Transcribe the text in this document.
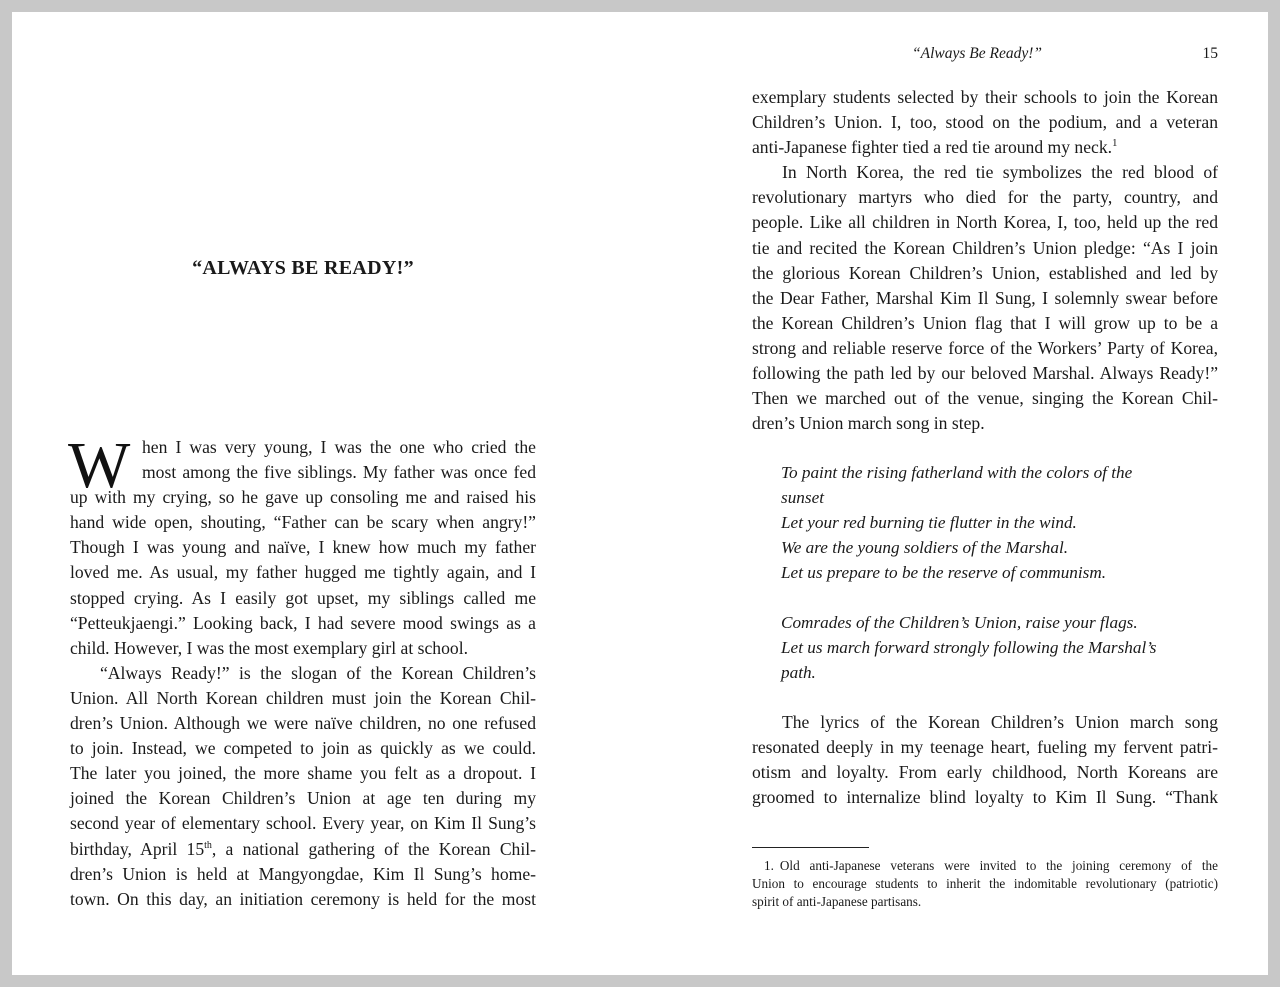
“ALWAYS BE READY!”
W hen I was very young, I was the one who cried the
most among the five siblings. My father was once fed
up with my crying, so he gave up consoling me and raised his
hand wide open, shouting, “Father can be scary when angry!”
Though I was young and naïve, I knew how much my father
loved me. As usual, my father hugged me tightly again, and I
stopped crying. As I easily got upset, my siblings called me
“Petteukjaengi.” Looking back, I had severe mood swings as a
child. However, I was the most exemplary girl at school.
“Always Ready!” is the slogan of the Korean Children’s
Union. All North Korean children must join the Korean Chil-
dren’s Union. Although we were naïve children, no one refused
to join. Instead, we competed to join as quickly as we could.
The later you joined, the more shame you felt as a dropout. I
joined the Korean Children’s Union at age ten during my
second year of elementary school. Every year, on Kim Il Sung’s
birthday, April 15th, a national gathering of the Korean Chil-
dren’s Union is held at Mangyongdae, Kim Il Sung’s home-
town. On this day, an initiation ceremony is held for the most
“Always Be Ready!”	15
exemplary students selected by their schools to join the Korean
Children’s Union. I, too, stood on the podium, and a veteran
anti-Japanese fighter tied a red tie around my neck.$^1$
In North Korea, the red tie symbolizes the red blood of
revolutionary martyrs who died for the party, country, and
people. Like all children in North Korea, I, too, held up the red
tie and recited the Korean Children’s Union pledge: “As I join
the glorious Korean Children’s Union, established and led by
the Dear Father, Marshal Kim Il Sung, I solemnly swear before
the Korean Children’s Union flag that I will grow up to be a
strong and reliable reserve force of the Workers’ Party of Korea,
following the path led by our beloved Marshal. Always Ready!”
Then we marched out of the venue, singing the Korean Chil-
dren’s Union march song in step.
To paint the rising fatherland with the colors of the
sunset
Let your red burning tie flutter in the wind.
We are the young soldiers of the Marshal.
Let us prepare to be the reserve of communism.
Comrades of the Children’s Union, raise your flags.
Let us march forward strongly following the Marshal’s
path.
The lyrics of the Korean Children’s Union march song
resonated deeply in my teenage heart, fueling my fervent patri-
otism and loyalty. From early childhood, North Koreans are
groomed to internalize blind loyalty to Kim Il Sung. “Thank
1. Old anti-Japanese veterans were invited to the joining ceremony of the
Union to encourage students to inherit the indomitable revolutionary (patriotic)
spirit of anti-Japanese partisans.
